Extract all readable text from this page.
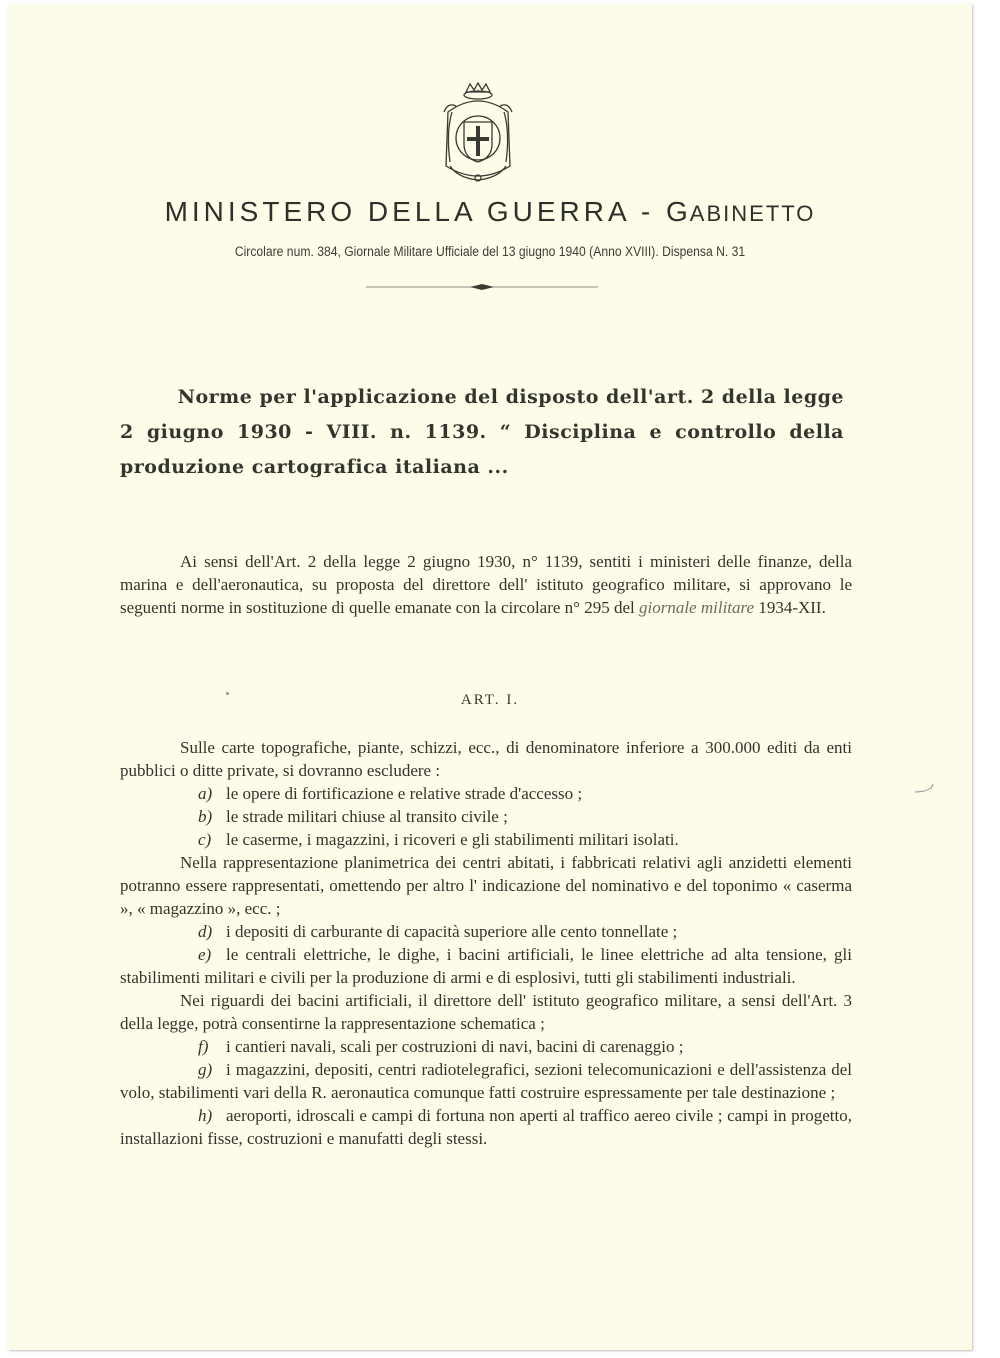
MINISTERO DELLA GUERRA - GABINETTO
Circolare num. 384, Giornale Militare Ufficiale del 13 giugno 1940 (Anno XVIII). Dispensa N. 31
Norme per l'applicazione del disposto dell'art. 2 della legge
2 giugno 1930 - VIII. n. 1139. “ Disciplina e controllo della produzione cartografica italiana ...
Ai sensi dell'Art. 2 della legge 2 giugno 1930, n° 1139, sentiti i ministeri delle finanze, della marina e dell'aeronautica, su proposta del direttore dell' istituto geografico militare, si approvano le seguenti norme in sostituzione di quelle emanate con la circolare n° 295 del giornale militare 1934-XII.
ART. I.

Sulle carte topografiche, piante, schizzi, ecc., di denominatore inferiore a 300.000 editi da enti pubblici o ditte private, si dovranno escludere :

a) le opere di fortificazione e relative strade d'accesso ;

b) le strade militari chiuse al transito civile ;

c) le caserme, i magazzini, i ricoveri e gli stabilimenti militari isolati.

Nella rappresentazione planimetrica dei centri abitati, i fabbricati relativi agli anzidetti elementi potranno essere rappresentati, omettendo per altro l' indicazione del nominativo e del toponimo « caserma », « magazzino », ecc. ;

d) i depositi di carburante di capacità superiore alle cento tonnellate ;

e) le centrali elettriche, le dighe, i bacini artificiali, le linee elettriche ad alta tensione, gli stabilimenti militari e civili per la produzione di armi e di esplosivi, tutti gli stabilimenti industriali.

Nei riguardi dei bacini artificiali, il direttore dell' istituto geografico militare, a sensi dell'Art. 3 della legge, potrà consentirne la rappresentazione schematica ;

f) i cantieri navali, scali per costruzioni di navi, bacini di carenaggio ;

g) i magazzini, depositi, centri radiotelegrafici, sezioni telecomunicazioni e dell'assistenza del volo, stabilimenti vari della R. aeronautica comunque fatti costruire espressamente per tale destinazione ;

h) aeroporti, idroscali e campi di fortuna non aperti al traffico aereo civile ; campi in progetto, installazioni fisse, costruzioni e manufatti degli stessi.
